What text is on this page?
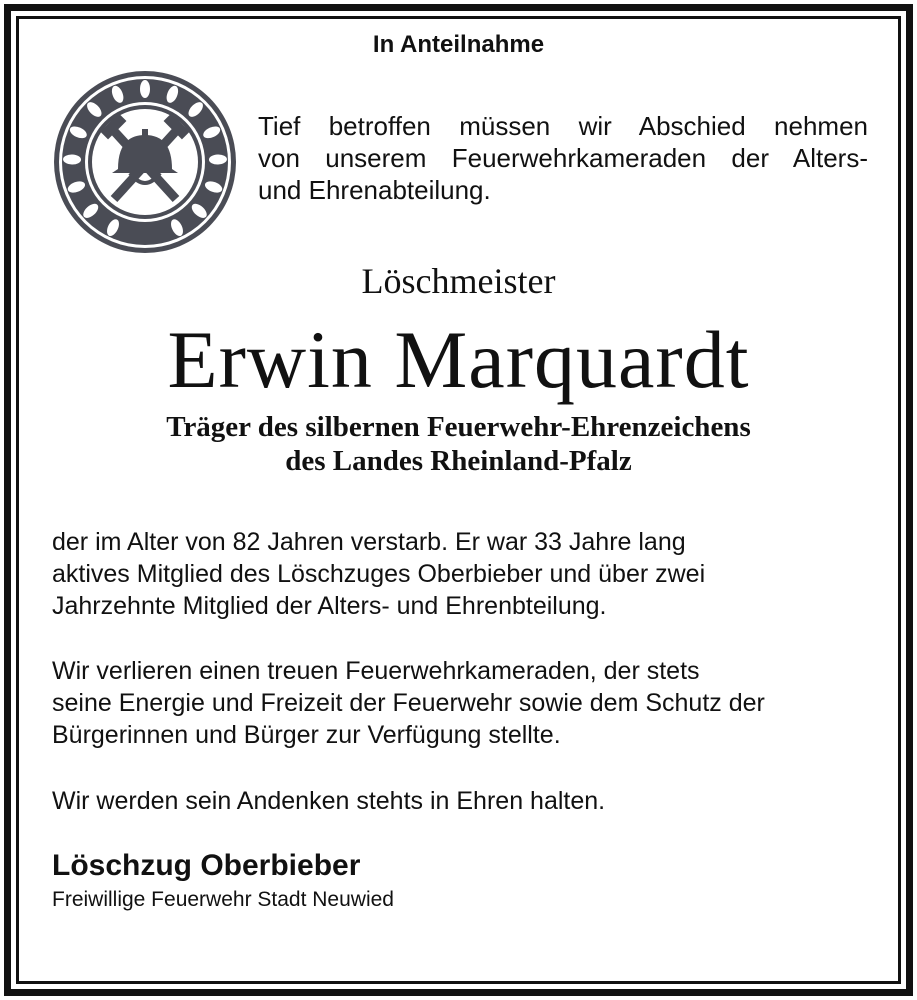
In Anteilnahme
Tief betroffen müssen wir Abschied nehmen
von unserem Feuerwehrkameraden der Alters-
und Ehrenabteilung.
Löschmeister
Erwin Marquardt
Träger des silbernen Feuerwehr-Ehrenzeichens
des Landes Rheinland-Pfalz
der im Alter von 82 Jahren verstarb. Er war 33 Jahre lang
aktives Mitglied des Löschzuges Oberbieber und über zwei
Jahrzehnte Mitglied der Alters- und Ehrenbteilung.
Wir verlieren einen treuen Feuerwehrkameraden, der stets
seine Energie und Freizeit der Feuerwehr sowie dem Schutz der
Bürgerinnen und Bürger zur Verfügung stellte.
Wir werden sein Andenken stehts in Ehren halten.
Löschzug Oberbieber
Freiwillige Feuerwehr Stadt Neuwied
